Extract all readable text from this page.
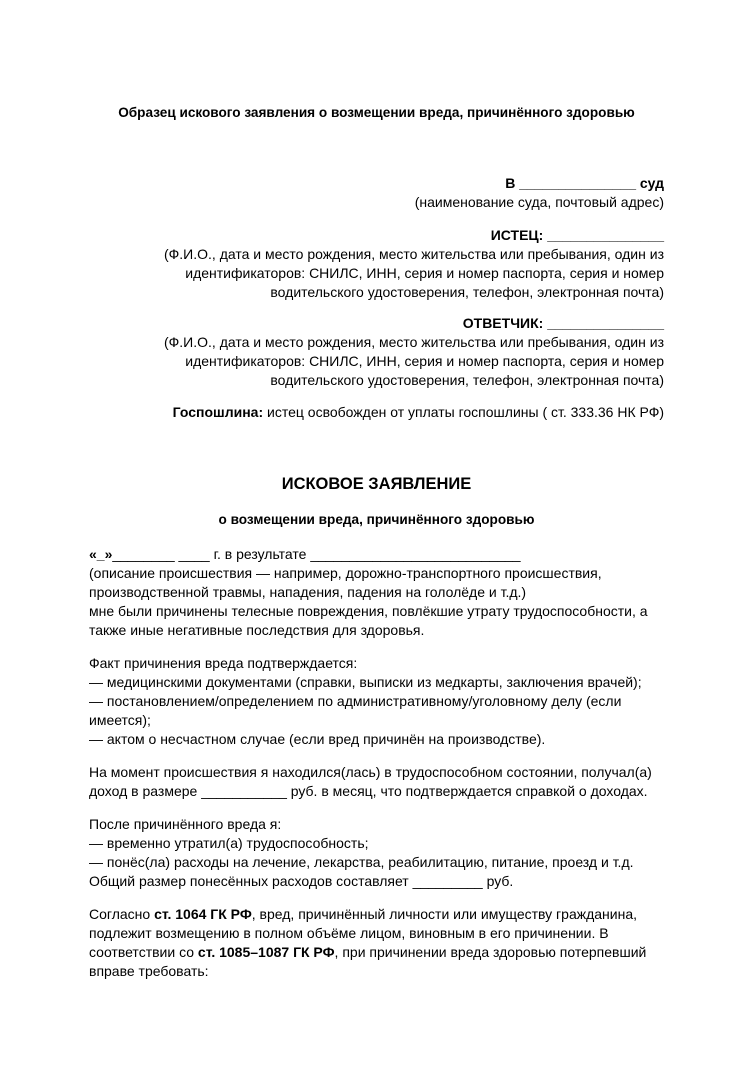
Образец искового заявления о возмещении вреда, причинённого здоровью
В _______________ суд
(наименование суда, почтовый адрес)
ИСТЕЦ: _______________
(Ф.И.О., дата и место рождения, место жительства или пребывания, один из
идентификаторов: СНИЛС, ИНН, серия и номер паспорта, серия и номер
водительского удостоверения, телефон, электронная почта)
ОТВЕТЧИК: _______________
(Ф.И.О., дата и место рождения, место жительства или пребывания, один из
идентификаторов: СНИЛС, ИНН, серия и номер паспорта, серия и номер
водительского удостоверения, телефон, электронная почта)
Госпошлина: истец освобожден от уплаты госпошлины ( ст. 333.36 НК РФ)
ИСКОВОЕ ЗАЯВЛЕНИЕ
о возмещении вреда, причинённого здоровью
«_»________ ____ г. в результате ___________________________
(описание происшествия — например, дорожно-транспортного происшествия,
производственной травмы, нападения, падения на гололёде и т.д.)
мне были причинены телесные повреждения, повлёкшие утрату трудоспособности, а
также иные негативные последствия для здоровья.
Факт причинения вреда подтверждается:
— медицинскими документами (справки, выписки из медкарты, заключения врачей);
— постановлением/определением по административному/уголовному делу (если
имеется);
— актом о несчастном случае (если вред причинён на производстве).
На момент происшествия я находился(лась) в трудоспособном состоянии, получал(а)
доход в размере ___________ руб. в месяц, что подтверждается справкой о доходах.
После причинённого вреда я:
— временно утратил(а) трудоспособность;
— понёс(ла) расходы на лечение, лекарства, реабилитацию, питание, проезд и т.д.
Общий размер понесённых расходов составляет _________ руб.
Согласно ст. 1064 ГК РФ, вред, причинённый личности или имуществу гражданина,
подлежит возмещению в полном объёме лицом, виновным в его причинении. В
соответствии со ст. 1085–1087 ГК РФ, при причинении вреда здоровью потерпевший
вправе требовать:
